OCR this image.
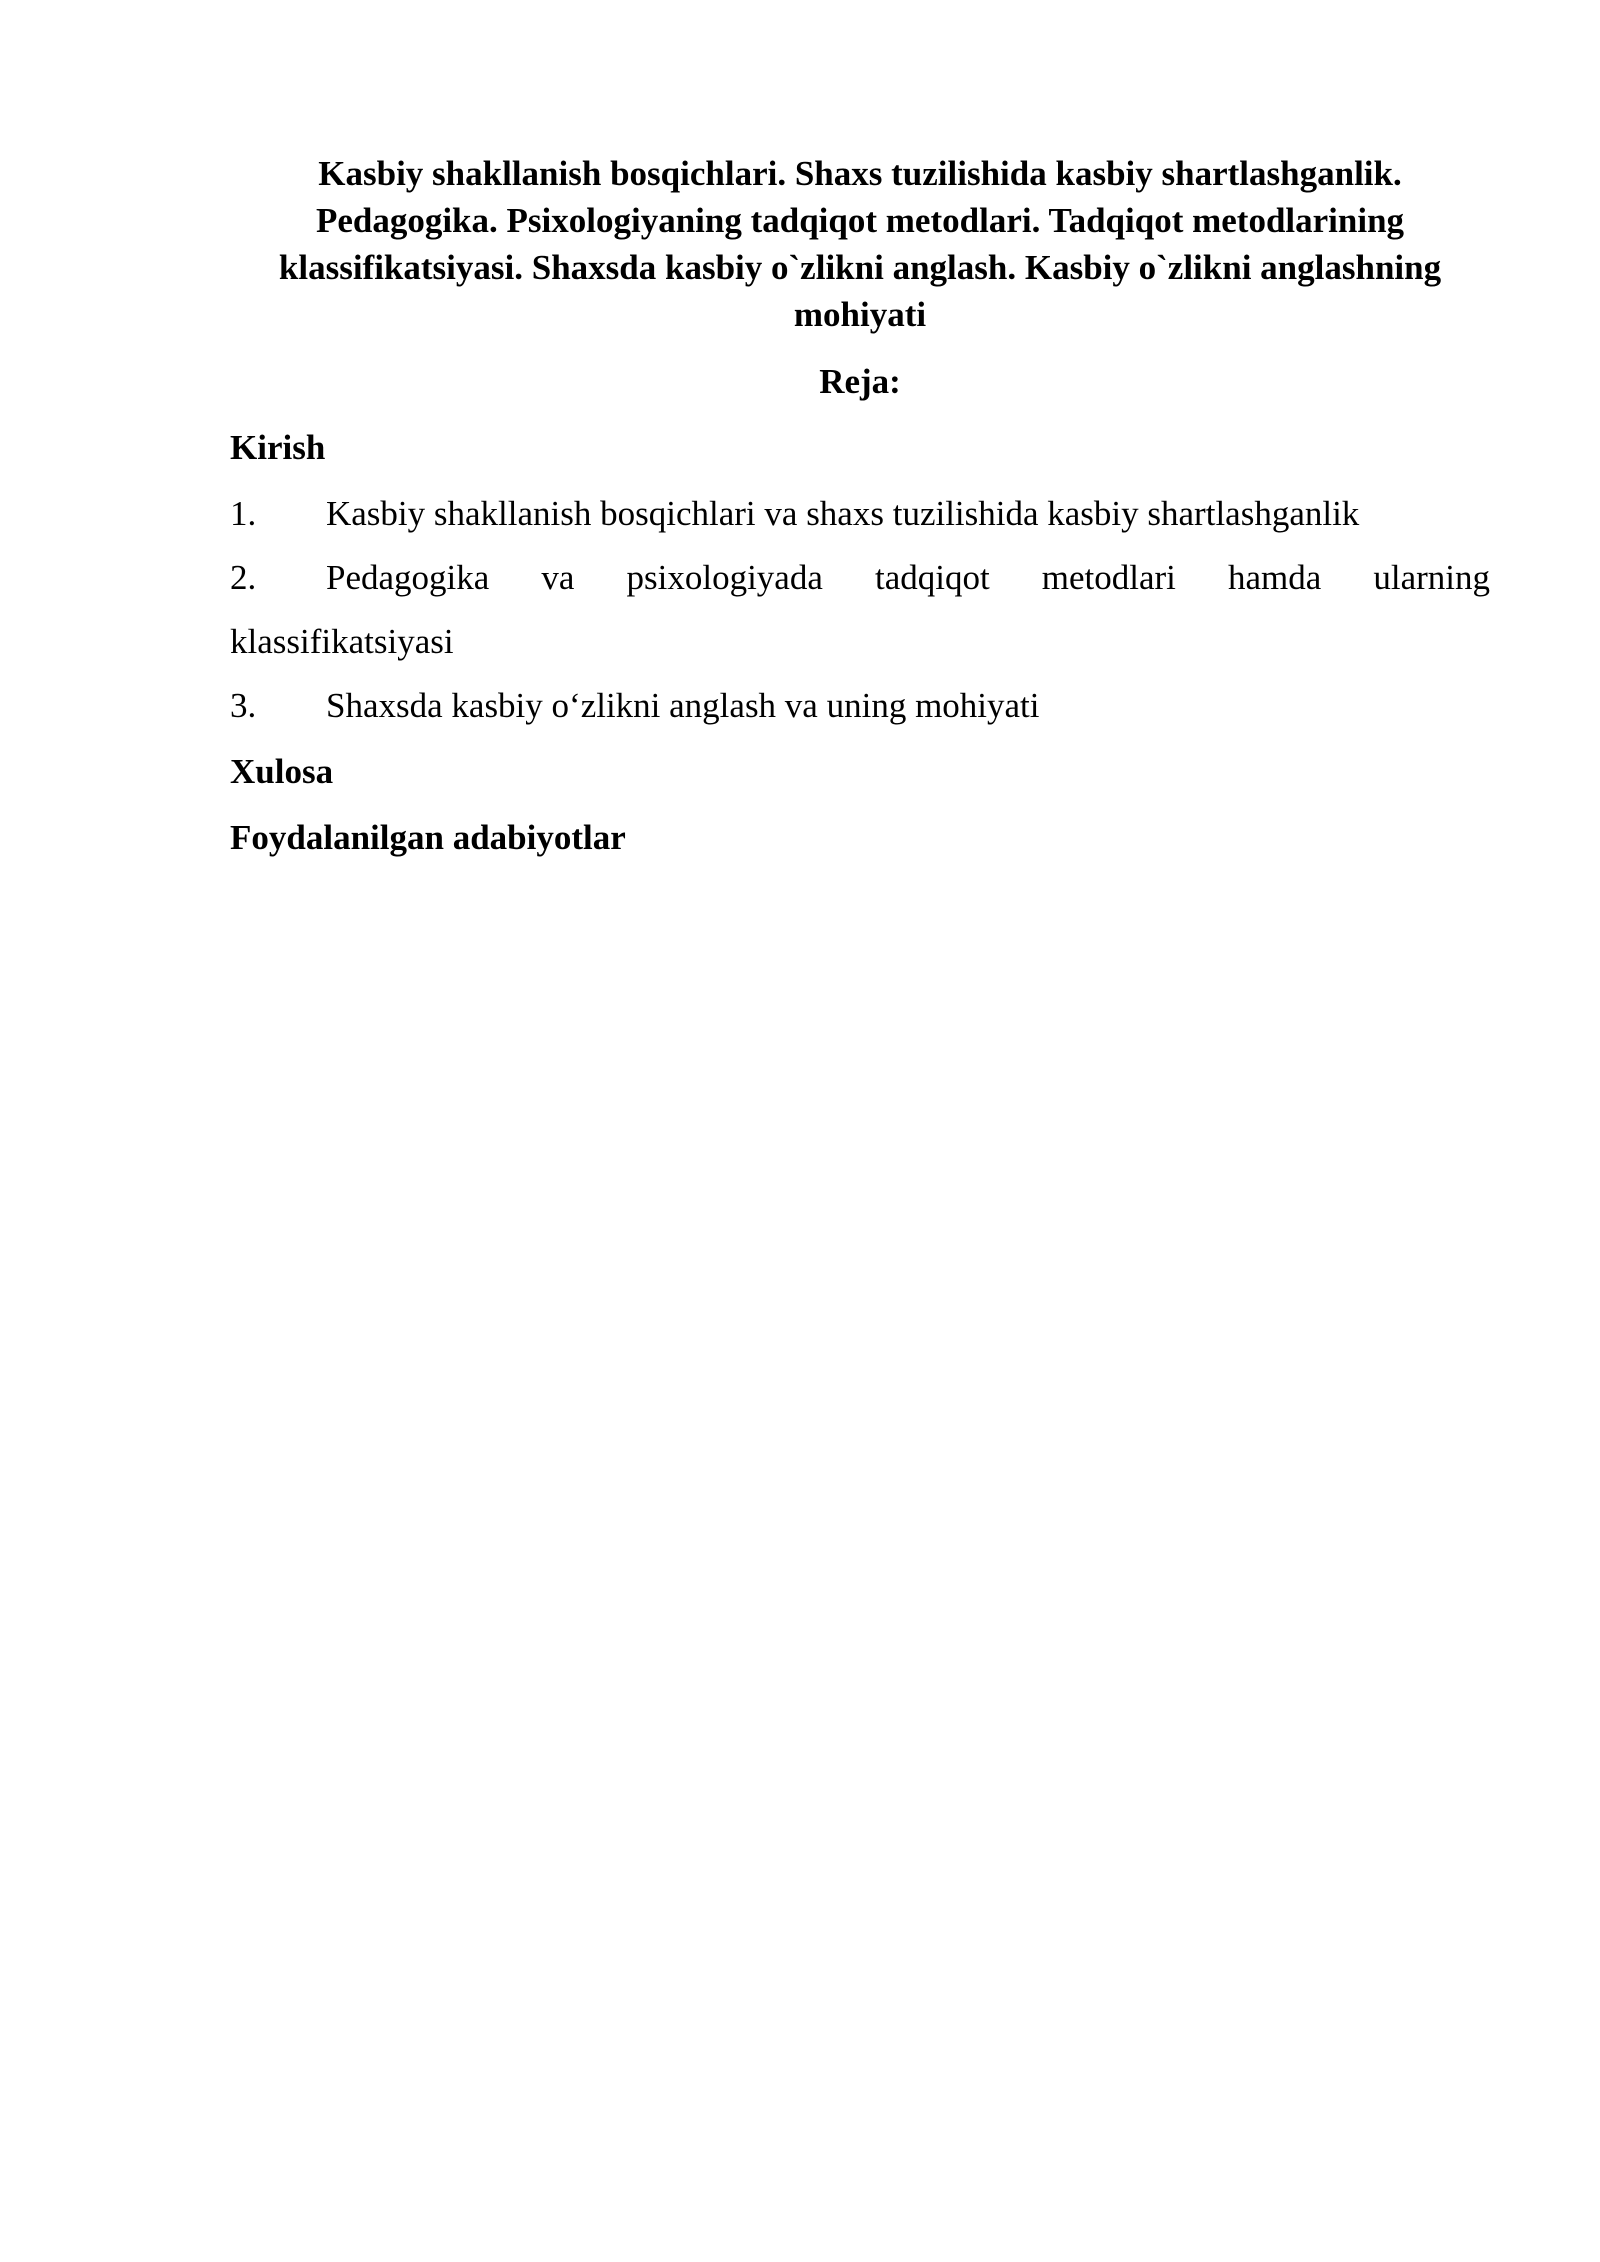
Kasbiy shakllanish bosqichlari. Shaxs tuzilishida kasbiy shartlashganlik.
Pedagogika. Psixologiyaning tadqiqot metodlari. Tadqiqot metodlarining
klassifikatsiyasi. Shaxsda kasbiy o`zlikni anglash. Kasbiy o`zlikni anglashning
mohiyati

Reja:

Kirish

1. Kasbiy shakllanish bosqichlari va shaxs tuzilishida kasbiy shartlashganlik

2. Pedagogika va psixologiyada tadqiqot metodlari hamda ularning

klassifikatsiyasi

3. Shaxsda kasbiy o‘zlikni anglash va uning mohiyati

Xulosa

Foydalanilgan adabiyotlar
